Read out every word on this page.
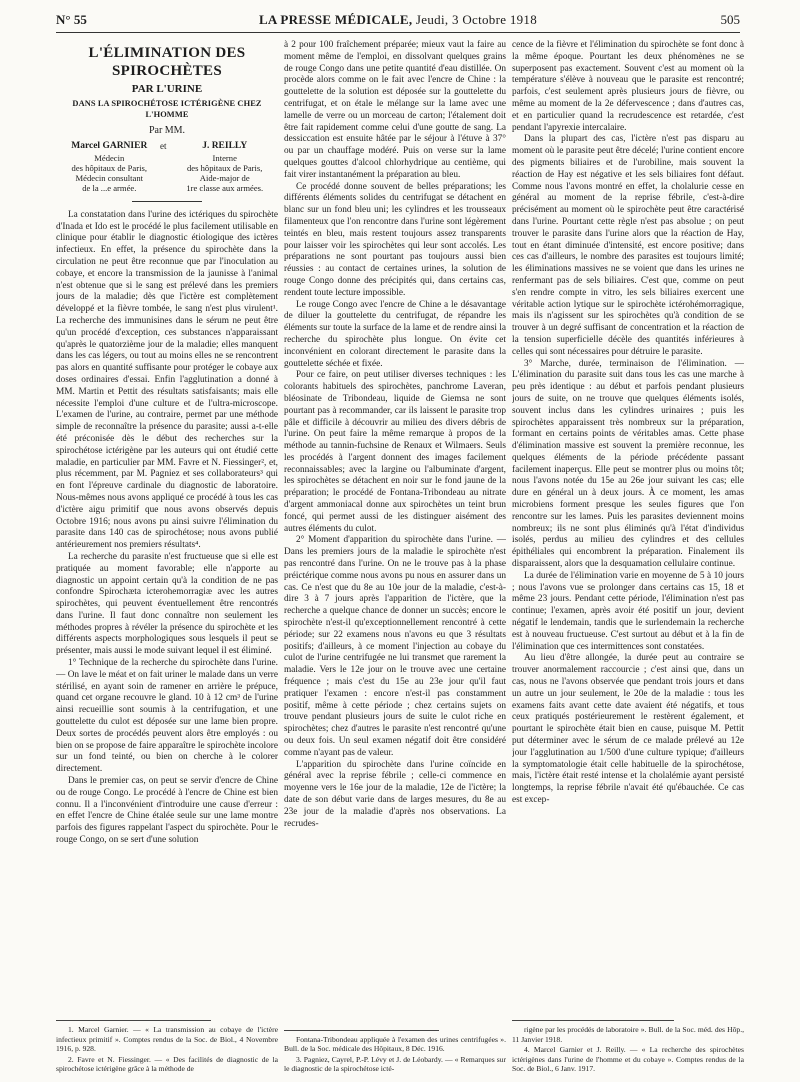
N° 55	LA PRESSE MÉDICALE, Jeudi, 3 Octobre 1918	505
L'ÉLIMINATION DES SPIROCHÈTES
PAR L'URINE
DANS LA SPIROCHÉTOSE ICTÉRIGÈNE CHEZ L'HOMME
Par MM.
Marcel GARNIER
Médecin
des hôpitaux de Paris,
Médecin consultant
de la ...e armée.
et	J. REILLY
Interne
des hôpitaux de Paris,
Aide-major de
1re classe aux armées.

La constatation dans l'urine des ictériques du spirochète d'Inada et Ido est le procédé le plus facilement utilisable en clinique pour établir le diagnostic étiologique des ictères infectieux. En effet, la présence du spirochète dans la circulation ne peut être reconnue que par l'inoculation au cobaye, et encore la transmission de la jaunisse à l'animal n'est obtenue que si le sang est prélevé dans les premiers jours de la maladie; dès que l'ictère est complètement développé et la fièvre tombée, le sang n'est plus virulent¹. La recherche des immunisines dans le sérum ne peut être qu'un procédé d'exception, ces substances n'apparaissant qu'après le quatorzième jour de la maladie; elles manquent dans les cas légers, ou tout au moins elles ne se rencontrent pas alors en quantité suffisante pour protéger le cobaye aux doses ordinaires d'essai. Enfin l'agglutination a donné à MM. Martin et Pettit des résultats satisfaisants; mais elle nécessite l'emploi d'une culture et de l'ultra-microscope. L'examen de l'urine, au contraire, permet par une méthode simple de reconnaître la présence du parasite; aussi a-t-elle été préconisée dès le début des recherches sur la spirochétose ictérigène par les auteurs qui ont étudié cette maladie, en particulier par MM. Favre et N. Fiessinger², et, plus récemment, par M. Pagniez et ses collaborateurs³ qui en font l'épreuve cardinale du diagnostic de laboratoire. Nous-mêmes nous avons appliqué ce procédé à tous les cas d'ictère aigu primitif que nous avons observés depuis Octobre 1916; nous avons pu ainsi suivre l'élimination du parasite dans 140 cas de spirochétose; nous avons publié antérieurement nos premiers résultats⁴.

La recherche du parasite n'est fructueuse que si elle est pratiquée au moment favorable; elle n'apporte au diagnostic un appoint certain qu'à la condition de ne pas confondre Spirochæta icterohemorragiæ avec les autres spirochètes, qui peuvent éventuellement être rencontrés dans l'urine. Il faut donc connaître non seulement les méthodes propres à révéler la présence du spirochète et les différents aspects morphologiques sous lesquels il peut se présenter, mais aussi le mode suivant lequel il est éliminé.

1° Technique de la recherche du spirochète dans l'urine. — On lave le méat et on fait uriner le malade dans un verre stérilisé, en ayant soin de ramener en arrière le prépuce, quand cet organe recouvre le gland. 10 à 12 cm³ de l'urine ainsi recueillie sont soumis à la centrifugation, et une gouttelette du culot est déposée sur une lame bien propre. Deux sortes de procédés peuvent alors être employés : ou bien on se propose de faire apparaître le spirochète incolore sur un fond teinté, ou bien on cherche à le colorer directement.

Dans le premier cas, on peut se servir d'encre de Chine ou de rouge Congo. Le procédé à l'encre de Chine est bien connu. Il a l'inconvénient d'introduire une cause d'erreur : en effet l'encre de Chine étalée seule sur une lame montre parfois des figures rappelant l'aspect du spirochète. Pour le rouge Congo, on se sert d'une solution

1. Marcel Garnier. — « La transmission au cobaye de l'ictère infectieux primitif ». Comptes rendus de la Soc. de Biol., 4 Novembre 1916, p. 928.

2. Favre et N. Fiessinger. — « Des facilités de diagnostic de la spirochétose ictérigène grâce à la méthode de

à 2 pour 100 fraîchement préparée; mieux vaut la faire au moment même de l'emploi, en dissolvant quelques grains de rouge Congo dans une petite quantité d'eau distillée. On procède alors comme on le fait avec l'encre de Chine : la gouttelette de la solution est déposée sur la gouttelette du centrifugat, et on étale le mélange sur la lame avec une lamelle de verre ou un morceau de carton; l'étalement doit être fait rapidement comme celui d'une goutte de sang. La dessiccation est ensuite hâtée par le séjour à l'étuve à 37° ou par un chauffage modéré. Puis on verse sur la lame quelques gouttes d'alcool chlorhydrique au centième, qui fait virer instantanément la préparation au bleu.

Ce procédé donne souvent de belles préparations; les différents éléments solides du centrifugat se détachent en blanc sur un fond bleu uni; les cylindres et les trousseaux filamenteux que l'on rencontre dans l'urine sont légèrement teintés en bleu, mais restent toujours assez transparents pour laisser voir les spirochètes qui leur sont accolés. Les préparations ne sont pourtant pas toujours aussi bien réussies : au contact de certaines urines, la solution de rouge Congo donne des précipités qui, dans certains cas, rendent toute lecture impossible.

Le rouge Congo avec l'encre de Chine a le désavantage de diluer la gouttelette du centrifugat, de répandre les éléments sur toute la surface de la lame et de rendre ainsi la recherche du spirochète plus longue. On évite cet inconvénient en colorant directement le parasite dans la gouttelette séchée et fixée.

Pour ce faire, on peut utiliser diverses techniques : les colorants habituels des spirochètes, panchrome Laveran, bléosinate de Tribondeau, liquide de Giemsa ne sont pourtant pas à recommander, car ils laissent le parasite trop pâle et difficile à découvrir au milieu des divers débris de l'urine. On peut faire la même remarque à propos de la méthode au tannin-fuchsine de Renaux et Wilmaers. Seuls les procédés à l'argent donnent des images facilement reconnaissables; avec la largine ou l'albuminate d'argent, les spirochètes se détachent en noir sur le fond jaune de la préparation; le procédé de Fontana-Tribondeau au nitrate d'argent ammoniacal donne aux spirochètes un teint brun foncé, qui permet aussi de les distinguer aisément des autres éléments du culot.

2° Moment d'apparition du spirochète dans l'urine. — Dans les premiers jours de la maladie le spirochète n'est pas rencontré dans l'urine. On ne le trouve pas à la phase préictérique comme nous avons pu nous en assurer dans un cas. Ce n'est que du 8e au 10e jour de la maladie, c'est-à-dire 3 à 7 jours après l'apparition de l'ictère, que la recherche a quelque chance de donner un succès; encore le spirochète n'est-il qu'exceptionnellement rencontré à cette période; sur 22 examens nous n'avons eu que 3 résultats positifs; d'ailleurs, à ce moment l'injection au cobaye du culot de l'urine centrifugée ne lui transmet que rarement la maladie. Vers le 12e jour on le trouve avec une certaine fréquence ; mais c'est du 15e au 23e jour qu'il faut pratiquer l'examen : encore n'est-il pas constamment positif, même à cette période ; chez certains sujets on trouve pendant plusieurs jours de suite le culot riche en spirochètes; chez d'autres le parasite n'est rencontré qu'une ou deux fois. Un seul examen négatif doit être considéré comme n'ayant pas de valeur.

L'apparition du spirochète dans l'urine coïncide en général avec la reprise fébrile ; celle-ci commence en moyenne vers le 16e jour de la maladie, 12e de l'ictère; la date de son début varie dans de larges mesures, du 8e au 23e jour de la maladie d'après nos observations. La recrudes-

Fontana-Tribondeau appliquée à l'examen des urines centrifugées ». Bull. de la Soc. médicale des Hôpitaux, 8 Déc. 1916.

3. Pagniez, Cayrel, P.-P. Lévy et J. de Léobardy. — « Remarques sur le diagnostic de la spirochétose icté-

cence de la fièvre et l'élimination du spirochète se font donc à la même époque. Pourtant les deux phénomènes ne se superposent pas exactement. Souvent c'est au moment où la température s'élève à nouveau que le parasite est rencontré; parfois, c'est seulement après plusieurs jours de fièvre, ou même au moment de la 2e défervescence ; dans d'autres cas, et en particulier quand la recrudescence est retardée, c'est pendant l'apyrexie intercalaire.

Dans la plupart des cas, l'ictère n'est pas disparu au moment où le parasite peut être décelé; l'urine contient encore des pigments biliaires et de l'urobiline, mais souvent la réaction de Hay est négative et les sels biliaires font défaut. Comme nous l'avons montré en effet, la cholalurie cesse en général au moment de la reprise fébrile, c'est-à-dire précisément au moment où le spirochète peut être caractérisé dans l'urine. Pourtant cette règle n'est pas absolue ; on peut trouver le parasite dans l'urine alors que la réaction de Hay, tout en étant diminuée d'intensité, est encore positive; dans ces cas d'ailleurs, le nombre des parasites est toujours limité; les éliminations massives ne se voient que dans les urines ne renfermant pas de sels biliaires. C'est que, comme on peut s'en rendre compte in vitro, les sels biliaires exercent une véritable action lytique sur le spirochète ictérohémorragique, mais ils n'agissent sur les spirochètes qu'à condition de se trouver à un degré suffisant de concentration et la réaction de la tension superficielle décèle des quantités inférieures à celles qui sont nécessaires pour détruire le parasite.

3° Marche, durée, terminaison de l'élimination. — L'élimination du parasite suit dans tous les cas une marche à peu près identique : au début et parfois pendant plusieurs jours de suite, on ne trouve que quelques éléments isolés, souvent inclus dans les cylindres urinaires ; puis les spirochètes apparaissent très nombreux sur la préparation, formant en certains points de véritables amas. Cette phase d'élimination massive est souvent la première reconnue, les quelques éléments de la période précédente passant facilement inaperçus. Elle peut se montrer plus ou moins tôt; nous l'avons notée du 15e au 26e jour suivant les cas; elle dure en général un à deux jours. À ce moment, les amas microbiens forment presque les seules figures que l'on rencontre sur les lames. Puis les parasites deviennent moins nombreux; ils ne sont plus éliminés qu'à l'état d'individus isolés, perdus au milieu des cylindres et des cellules épithéliales qui encombrent la préparation. Finalement ils disparaissent, alors que la desquamation cellulaire continue.

La durée de l'élimination varie en moyenne de 5 à 10 jours ; nous l'avons vue se prolonger dans certains cas 15, 18 et même 23 jours. Pendant cette période, l'élimination n'est pas continue; l'examen, après avoir été positif un jour, devient négatif le lendemain, tandis que le surlendemain la recherche est à nouveau fructueuse. C'est surtout au début et à la fin de l'élimination que ces intermittences sont constatées.

Au lieu d'être allongée, la durée peut au contraire se trouver anormalement raccourcie ; c'est ainsi que, dans un cas, nous ne l'avons observée que pendant trois jours et dans un autre un jour seulement, le 20e de la maladie : tous les examens faits avant cette date avaient été négatifs, et tous ceux pratiqués postérieurement le restèrent également, et pourtant le spirochète était bien en cause, puisque M. Pettit put déterminer avec le sérum de ce malade prélevé au 12e jour l'agglutination au 1/500 d'une culture typique; d'ailleurs la symptomatologie était celle habituelle de la spirochétose, mais, l'ictère était resté intense et la cholalémie ayant persisté longtemps, la reprise fébrile n'avait été qu'ébauchée. Ce cas est excep-

rigène par les procédés de laboratoire ». Bull. de la Soc. méd. des Hôp., 11 Janvier 1918.

4. Marcel Garnier et J. Reilly. — « La recherche des spirochètes ictérigènes dans l'urine de l'homme et du cobaye ». Comptes rendus de la Soc. de Biol., 6 Janv. 1917.
